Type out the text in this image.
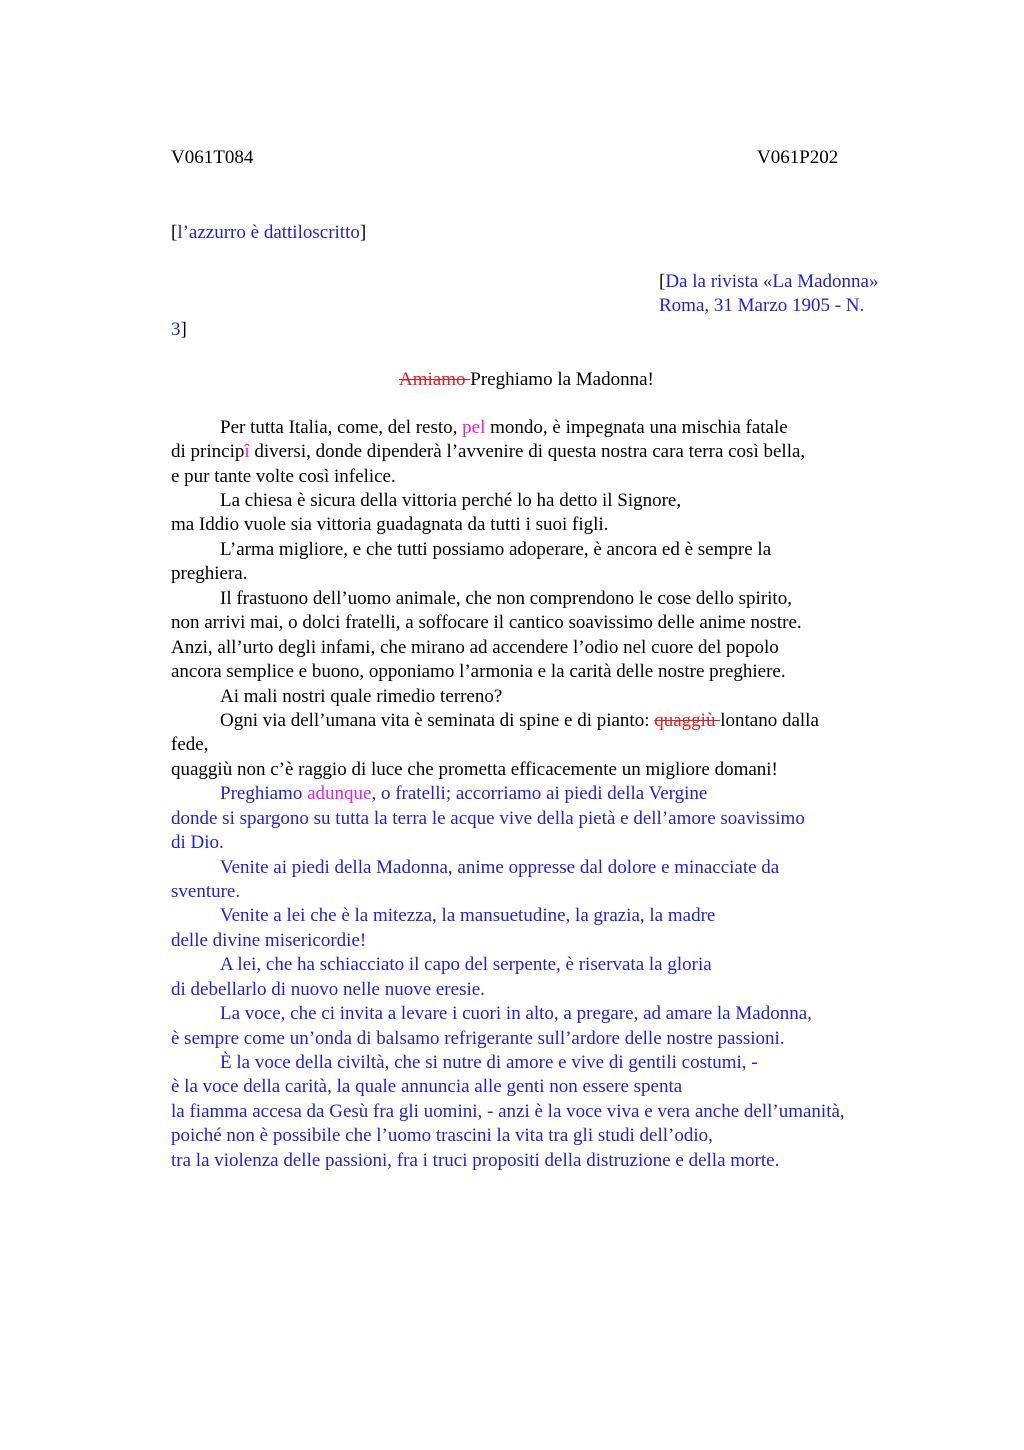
V061T084	V061P202
[l’azzurro è dattiloscritto]
[Da la rivista «La Madonna»
Roma, 31 Marzo 1905 - N.
3]
Amiamo Preghiamo la Madonna!
Per tutta Italia, come, del resto, pel mondo, è impegnata una mischia fatale
di principî diversi, donde dipenderà l’avvenire di questa nostra cara terra così bella,
e pur tante volte così infelice.
La chiesa è sicura della vittoria perché lo ha detto il Signore,
ma Iddio vuole sia vittoria guadagnata da tutti i suoi figli.
L’arma migliore, e che tutti possiamo adoperare, è ancora ed è sempre la
preghiera.
Il frastuono dell’uomo animale, che non comprendono le cose dello spirito,
non arrivi mai, o dolci fratelli, a soffocare il cantico soavissimo delle anime nostre.
Anzi, all’urto degli infami, che mirano ad accendere l’odio nel cuore del popolo
ancora semplice e buono, opponiamo l’armonia e la carità delle nostre preghiere.
Ai mali nostri quale rimedio terreno?
Ogni via dell’umana vita è seminata di spine e di pianto: quaggiù lontano dalla
fede,
quaggiù non c’è raggio di luce che prometta efficacemente un migliore domani!
Preghiamo adunque, o fratelli; accorriamo ai piedi della Vergine
donde si spargono su tutta la terra le acque vive della pietà e dell’amore soavissimo
di Dio.
Venite ai piedi della Madonna, anime oppresse dal dolore e minacciate da
sventure.
Venite a lei che è la mitezza, la mansuetudine, la grazia, la madre
delle divine misericordie!
A lei, che ha schiacciato il capo del serpente, è riservata la gloria
di debellarlo di nuovo nelle nuove eresie.
La voce, che ci invita a levare i cuori in alto, a pregare, ad amare la Madonna,
è sempre come un’onda di balsamo refrigerante sull’ardore delle nostre passioni.
È la voce della civiltà, che si nutre di amore e vive di gentili costumi, -
è la voce della carità, la quale annuncia alle genti non essere spenta
la fiamma accesa da Gesù fra gli uomini, - anzi è la voce viva e vera anche dell’umanità,
poiché non è possibile che l’uomo trascini la vita tra gli studi dell’odio,
tra la violenza delle passioni, fra i truci propositi della distruzione e della morte.
